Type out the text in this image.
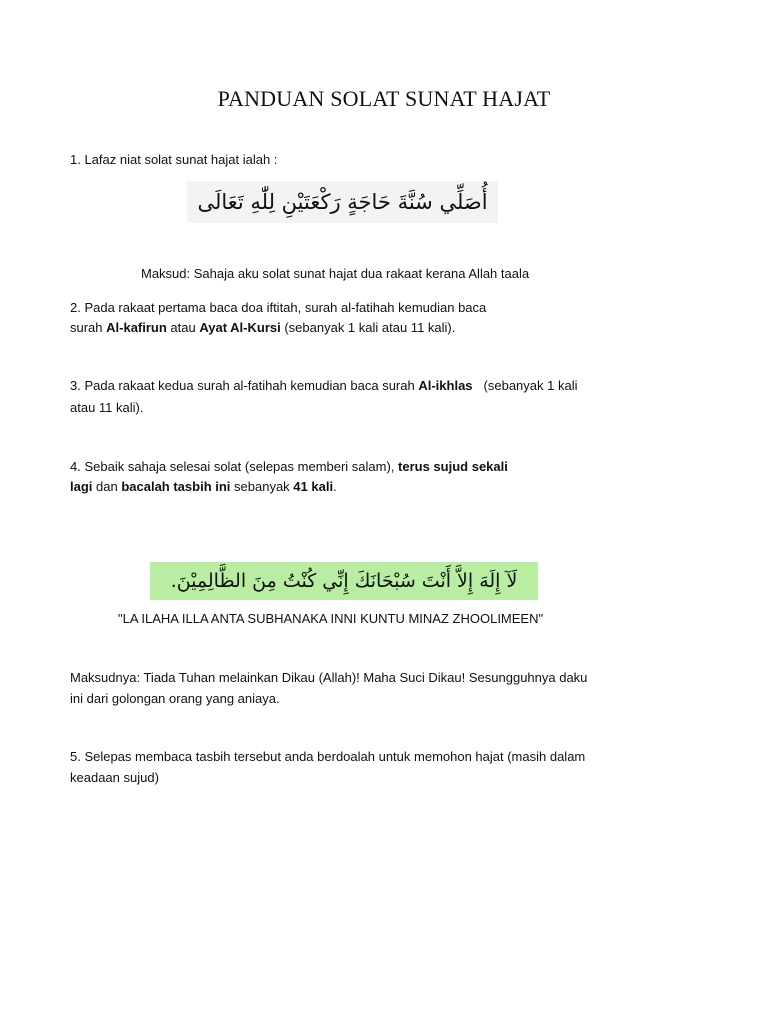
PANDUAN SOLAT SUNAT HAJAT
1. Lafaz niat solat sunat hajat ialah :
أُصَلِّي سُنَّةَ حَاجَةٍ رَكْعَتَيْنِ لِلّٰهِ تَعَالَى
Maksud: Sahaja aku solat sunat hajat dua rakaat kerana Allah taala
2. Pada rakaat pertama baca doa iftitah, surah al-fatihah kemudian baca
surah Al-kafirun atau Ayat Al-Kursi (sebanyak 1 kali atau 11 kali).
3. Pada rakaat kedua surah al-fatihah kemudian baca surah Al-ikhlas (sebanyak 1 kali
atau 11 kali).
4. Sebaik sahaja selesai solat (selepas memberi salam), terus sujud sekali
lagi dan bacalah tasbih ini sebanyak 41 kali.
لَآ إِلَهَ إِلاَّ أَنْتَ سُبْحَانَكَ إِنِّي كُنْتُ مِنَ الظَّالِمِيْنَ.
"LA ILAHA ILLA ANTA SUBHANAKA INNI KUNTU MINAZ ZHOOLIMEEN"
Maksudnya: Tiada Tuhan melainkan Dikau (Allah)! Maha Suci Dikau! Sesungguhnya daku
ini dari golongan orang yang aniaya.
5. Selepas membaca tasbih tersebut anda berdoalah untuk memohon hajat (masih dalam
keadaan sujud)
